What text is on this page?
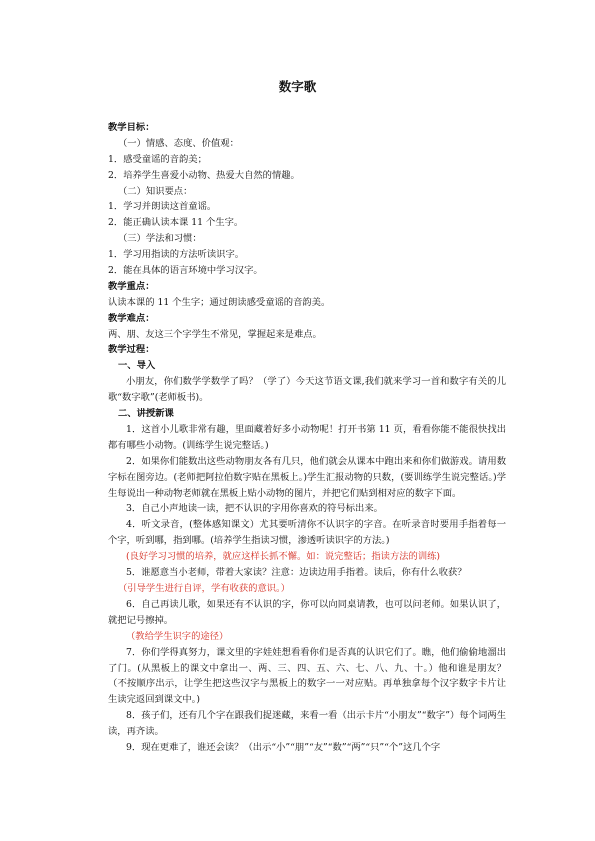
数字歌
教学目标：
（一）情感、态度、价值观：
1．感受童谣的音韵美；
2．培养学生喜爱小动物、热爱大自然的情趣。
（二）知识要点：
1．学习并朗读这首童谣。
2．能正确认读本课 11 个生字。
（三）学法和习惯：
1．学习用指读的方法听读识字。
2．能在具体的语言环境中学习汉字。
教学重点：
认读本课的 11 个生字；通过朗读感受童谣的音韵美。
教学难点：
两、朋、友这三个字学生不常见，掌握起来是难点。
教学过程：
一、导入
小朋友，你们数学学数学了吗？（学了）今天这节语文课,我们就来学习一首和数字有关的儿歌“数字歌”(老师板书)。
二、讲授新课
1．这首小儿歌非常有趣，里面藏着好多小动物呢！打开书第 11 页，看看你能不能很快找出都有哪些小动物。(训练学生说完整话。)
2．如果你们能数出这些动物朋友各有几只，他们就会从课本中跑出来和你们做游戏。请用数字标在图旁边。(老师把阿拉伯数字贴在黑板上。)学生汇报动物的只数，(要训练学生说完整话。)学生每说出一种动物老师就在黑板上贴小动物的图片，并把它们贴到相对应的数字下面。
3．自己小声地读一读，把不认识的字用你喜欢的符号标出来。
4．听文录音，(整体感知课文）尤其要听清你不认识字的字音。在听录音时要用手指着每一个字，听到哪，指到哪。(培养学生指读习惯，渗透听读识字的方法。)
(良好学习习惯的培养，就应这样长抓不懈。如：说完整话；指读方法的训练)
5．谁愿意当小老师，带着大家读？注意：边读边用手指着。读后，你有什么收获？
（引导学生进行自评，学有收获的意识。）
6．自己再读儿歌，如果还有不认识的字，你可以向同桌请教，也可以问老师。如果认识了，就把记号擦掉。
（教给学生识字的途径）
7．你们学得真努力，课文里的字娃娃想看看你们是否真的认识它们了。瞧，他们偷偷地溜出了门。(从黑板上的课文中拿出一、两、三、四、五、六、七、八、九、十。）他和谁是朋友？（不按顺序出示，让学生把这些汉字与黑板上的数字一一对应贴。再单独拿每个汉字数字卡片让生读完返回到课文中。)
8．孩子们，还有几个字在跟我们捉迷藏，来看一看（出示卡片“小朋友”“数字”）每个词两生读，再齐读。
9．现在更难了，谁还会读？（出示“小”“朋”“友”“数”“两”“只”“个”这几个字
